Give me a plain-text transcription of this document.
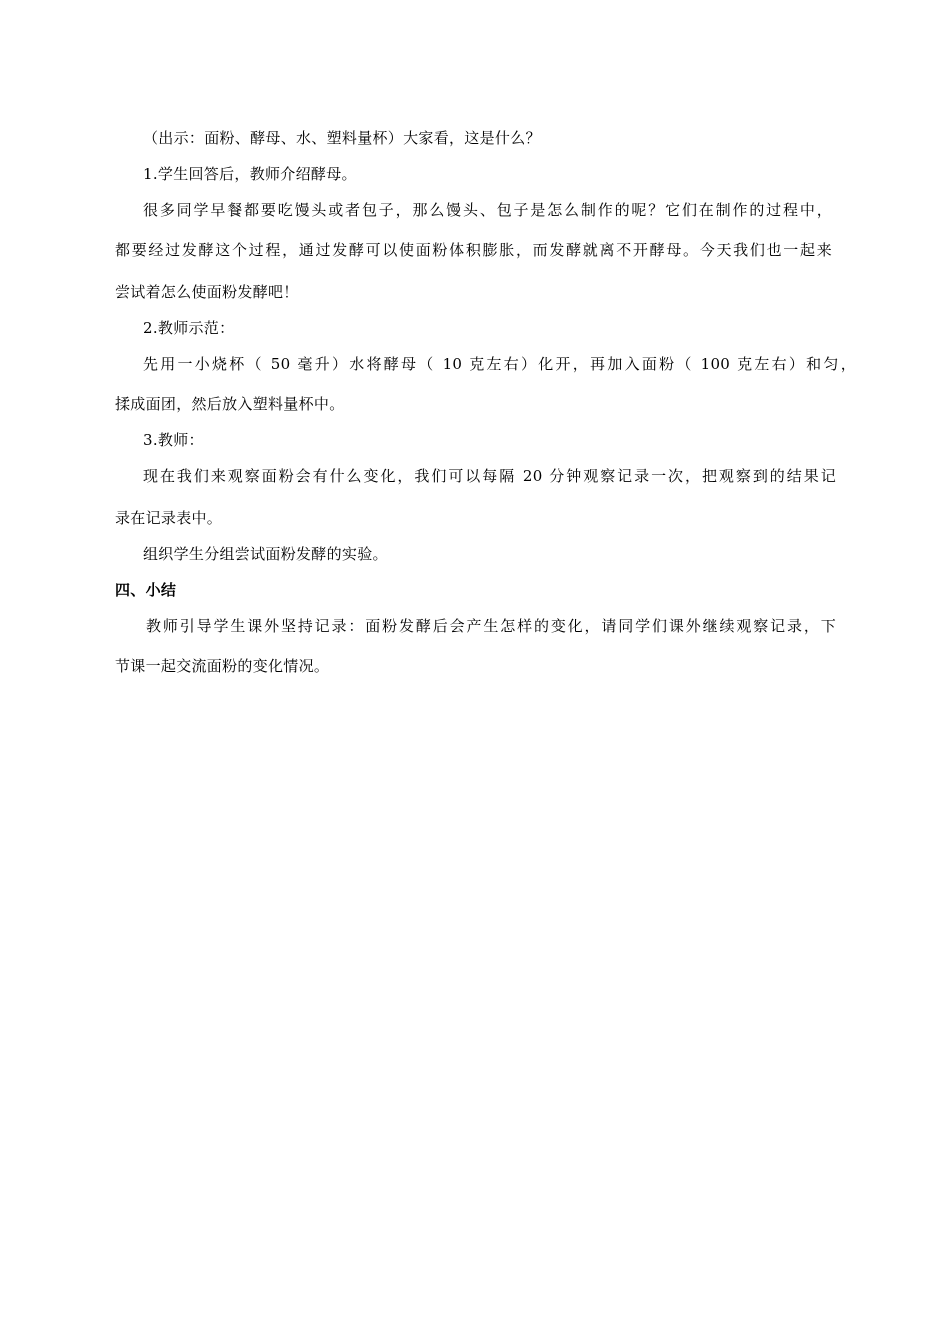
（出示：面粉、酵母、水、塑料量杯）大家看，这是什么？
1.学生回答后，教师介绍酵母。
很多同学早餐都要吃馒头或者包子，那么馒头、包子是怎么制作的呢？它们在制作的过程中，
都要经过发酵这个过程，通过发酵可以使面粉体积膨胀，而发酵就离不开酵母。今天我们也一起来
尝试着怎么使面粉发酵吧！
2.教师示范：
先用一小烧杯（ 50 毫升）水将酵母（ 10 克左右）化开，再加入面粉（ 100 克左右）和匀，
揉成面团，然后放入塑料量杯中。
3.教师：
现在我们来观察面粉会有什么变化，我们可以每隔 20 分钟观察记录一次，把观察到的结果记
录在记录表中。
组织学生分组尝试面粉发酵的实验。
四、小结
教师引导学生课外坚持记录：面粉发酵后会产生怎样的变化，请同学们课外继续观察记录，下
节课一起交流面粉的变化情况。
